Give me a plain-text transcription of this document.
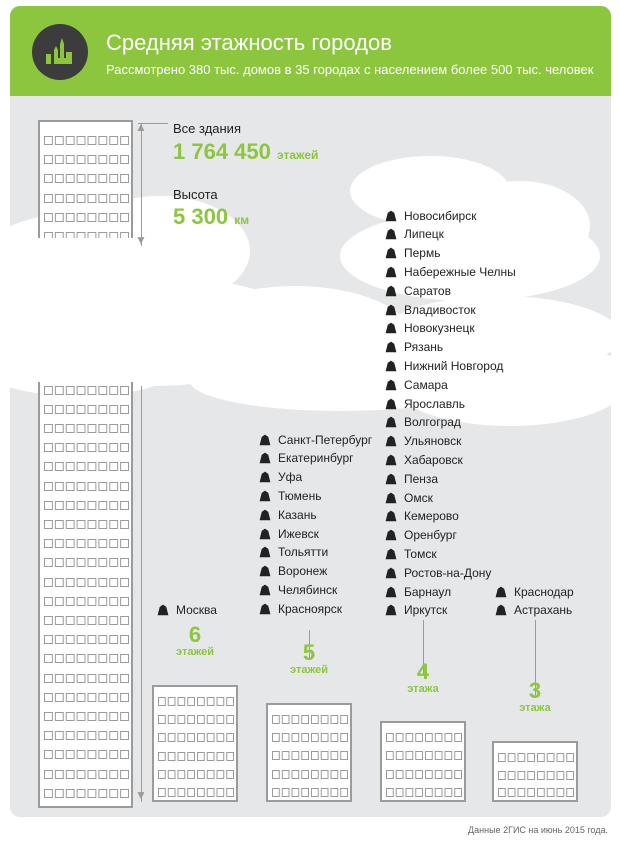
Средняя этажность городов
Рассмотрено 380 тыс. домов в 35 городах с населением более 500 тыс. человек
▼
▲
▼
Все здания
1 764 450 этажей
Высота
5 300 км
Москва
6
этажей
Санкт-Петербург
Екатеринбург
Уфа
Тюмень
Казань
Ижевск
Тольятти
Воронеж
Челябинск
Красноярск
5
этажей
Новосибирск
Липецк
Пермь
Набережные Челны
Саратов
Владивосток
Новокузнецк
Рязань
Нижний Новгород
Самара
Ярославль
Волгоград
Ульяновск
Хабаровск
Пенза
Омск
Кемерово
Оренбург
Томск
Ростов-на-Дону
Барнаул
Иркутск
4
этажа
Краснодар
Астрахань
3
этажа
Данные 2ГИС на июнь 2015 года.
